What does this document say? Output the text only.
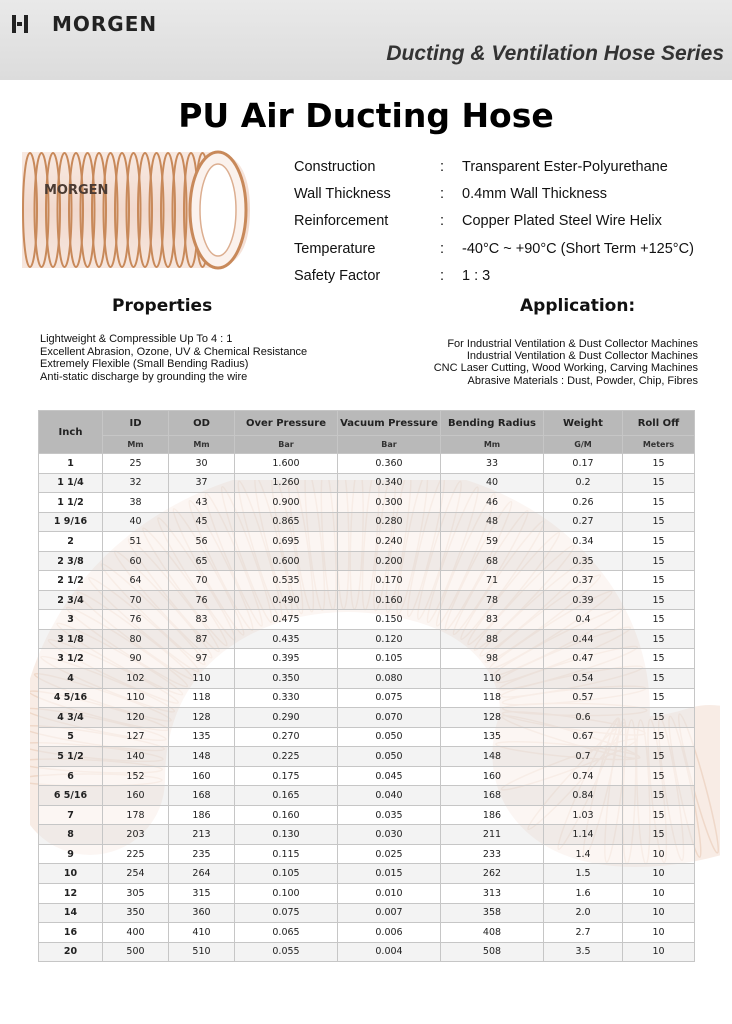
MORGEN
Ducting & Ventilation Hose Series
PU Air Ducting Hose
MORGEN
Construction	:	Transparent Ester-Polyurethane
Wall Thickness	:	0.4mm Wall Thickness
Reinforcement	:	Copper Plated Steel Wire Helix
Temperature	:	-40°C ~ +90°C (Short Term +125°C)
Safety Factor	:	1 : 3
Properties	Application:
Lightweight & Compressible Up To 4 : 1
Excellent Abrasion, Ozone, UV & Chemical Resistance
Extremely Flexible (Small Bending Radius)
Anti-static discharge by grounding the wire
For Industrial Ventilation & Dust Collector Machines
Industrial Ventilation & Dust Collector Machines
CNC Laser Cutting, Wood Working, Carving Machines
Abrasive Materials : Dust, Powder, Chip, Fibres
Inch	ID	OD	Over Pressure	Vacuum Pressure	Bending Radius	Weight	Roll Off
	Mm	Mm	Bar	Bar	Mm	G/M	Meters
1	25	30	1.600	0.360	33	0.17	15
1 1/4	32	37	1.260	0.340	40	0.2	15
1 1/2	38	43	0.900	0.300	46	0.26	15
1 9/16	40	45	0.865	0.280	48	0.27	15
2	51	56	0.695	0.240	59	0.34	15
2 3/8	60	65	0.600	0.200	68	0.35	15
2 1/2	64	70	0.535	0.170	71	0.37	15
2 3/4	70	76	0.490	0.160	78	0.39	15
3	76	83	0.475	0.150	83	0.4	15
3 1/8	80	87	0.435	0.120	88	0.44	15
3 1/2	90	97	0.395	0.105	98	0.47	15
4	102	110	0.350	0.080	110	0.54	15
4 5/16	110	118	0.330	0.075	118	0.57	15
4 3/4	120	128	0.290	0.070	128	0.6	15
5	127	135	0.270	0.050	135	0.67	15
5 1/2	140	148	0.225	0.050	148	0.7	15
6	152	160	0.175	0.045	160	0.74	15
6 5/16	160	168	0.165	0.040	168	0.84	15
7	178	186	0.160	0.035	186	1.03	15
8	203	213	0.130	0.030	211	1.14	15
9	225	235	0.115	0.025	233	1.4	10
10	254	264	0.105	0.015	262	1.5	10
12	305	315	0.100	0.010	313	1.6	10
14	350	360	0.075	0.007	358	2.0	10
16	400	410	0.065	0.006	408	2.7	10
20	500	510	0.055	0.004	508	3.5	10
